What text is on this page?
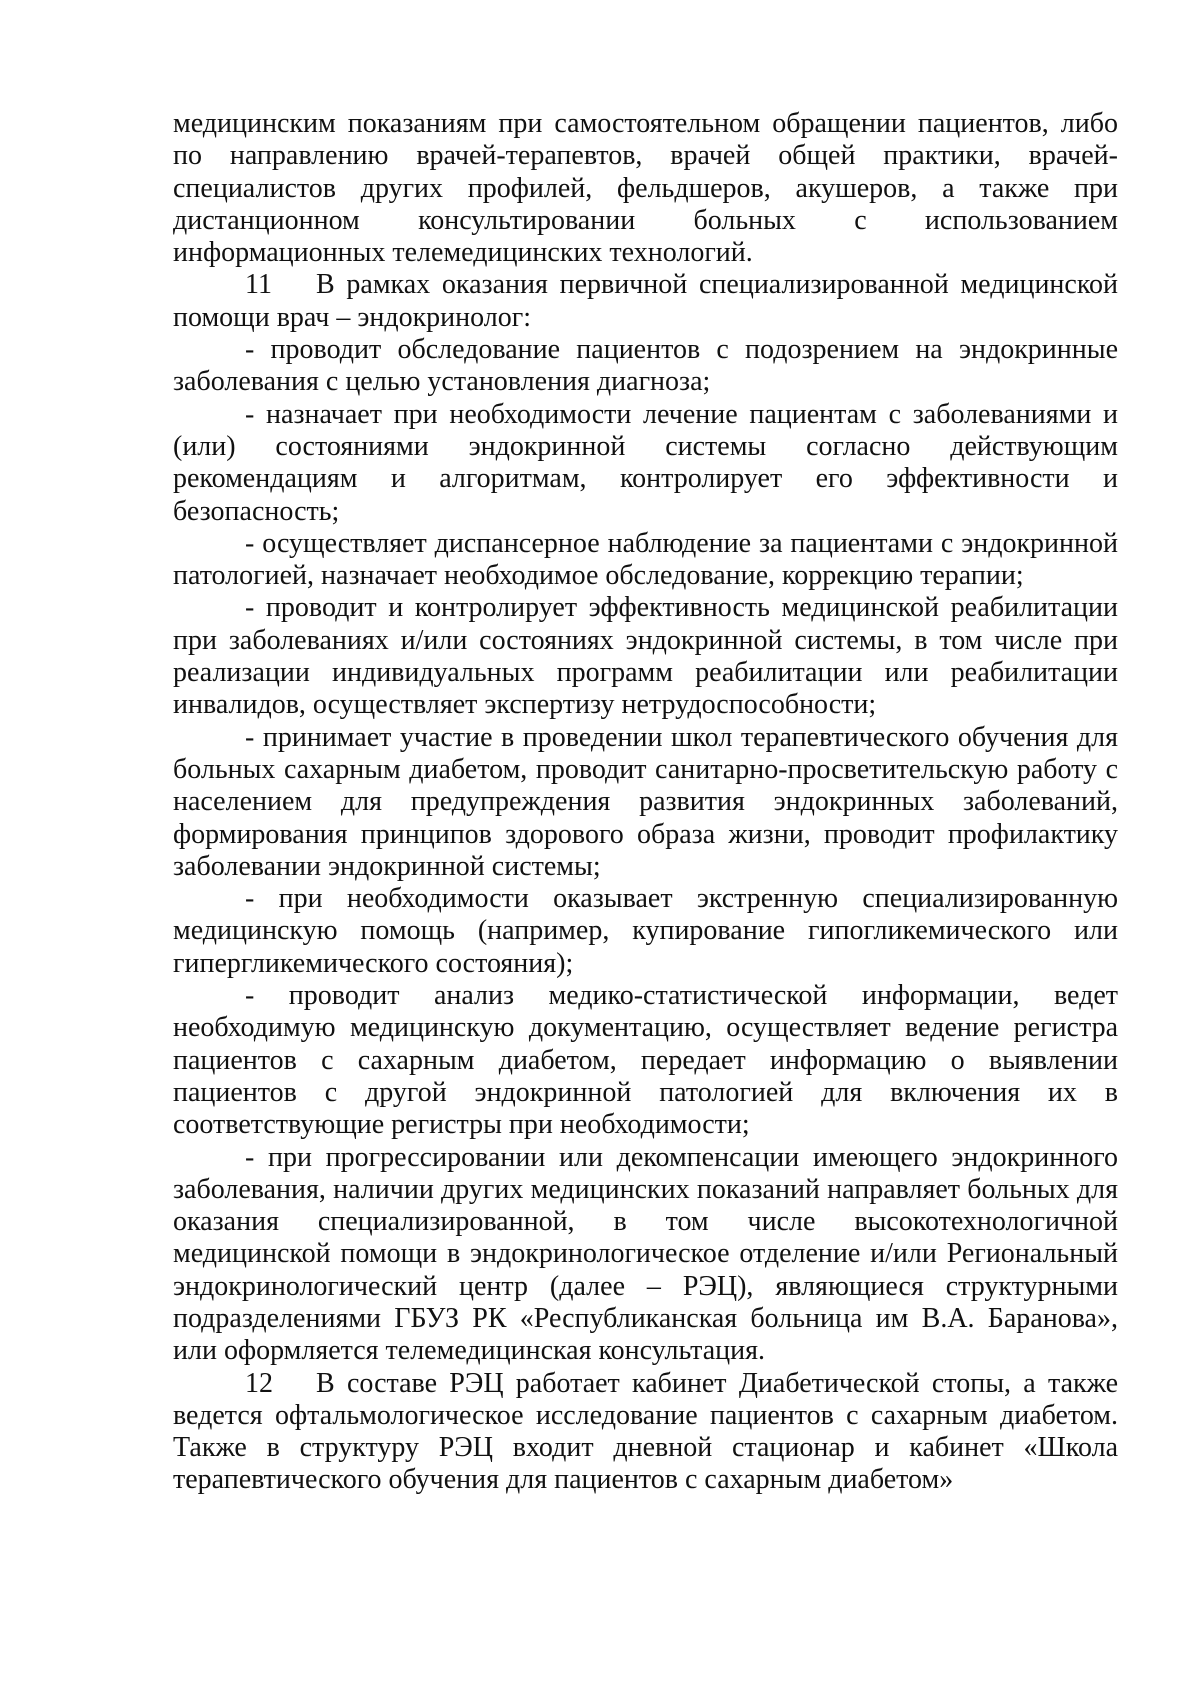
медицинским показаниям при самостоятельном обращении пациентов, либо по направлению врачей-терапевтов, врачей общей практики, врачей-специалистов других профилей, фельдшеров, акушеров, а также при дистанционном консультировании больных с использованием информационных телемедицинских технологий.

11 В рамках оказания первичной специализированной медицинской помощи врач – эндокринолог:

- проводит обследование пациентов с подозрением на эндокринные заболевания с целью установления диагноза;

- назначает при необходимости лечение пациентам с заболеваниями и (или) состояниями эндокринной системы согласно действующим рекомендациям и алгоритмам, контролирует его эффективности и безопасность;

- осуществляет диспансерное наблюдение за пациентами с эндокринной патологией, назначает необходимое обследование, коррекцию терапии;

- проводит и контролирует эффективность медицинской реабилитации при заболеваниях и/или состояниях эндокринной системы, в том числе при реализации индивидуальных программ реабилитации или реабилитации инвалидов, осуществляет экспертизу нетрудоспособности;

- принимает участие в проведении школ терапевтического обучения для больных сахарным диабетом, проводит санитарно-просветительскую работу с населением для предупреждения развития эндокринных заболеваний, формирования принципов здорового образа жизни, проводит профилактику заболевании эндокринной системы;

- при необходимости оказывает экстренную специализированную медицинскую помощь (например, купирование гипогликемического или гипергликемического состояния);

- проводит анализ медико-статистической информации, ведет необходимую медицинскую документацию, осуществляет ведение регистра пациентов с сахарным диабетом, передает информацию о выявлении пациентов с другой эндокринной патологией для включения их в соответствующие регистры при необходимости;

- при прогрессировании или декомпенсации имеющего эндокринного заболевания, наличии других медицинских показаний направляет больных для оказания специализированной, в том числе высокотехнологичной медицинской помощи в эндокринологическое отделение и/или Региональный эндокринологический центр (далее – РЭЦ), являющиеся структурными подразделениями ГБУЗ РК «Республиканская больница им В.А. Баранова», или оформляется телемедицинская консультация.

12 В составе РЭЦ работает кабинет Диабетической стопы, а также ведется офтальмологическое исследование пациентов с сахарным диабетом. Также в структуру РЭЦ входит дневной стационар и кабинет «Школа терапевтического обучения для пациентов с сахарным диабетом»
